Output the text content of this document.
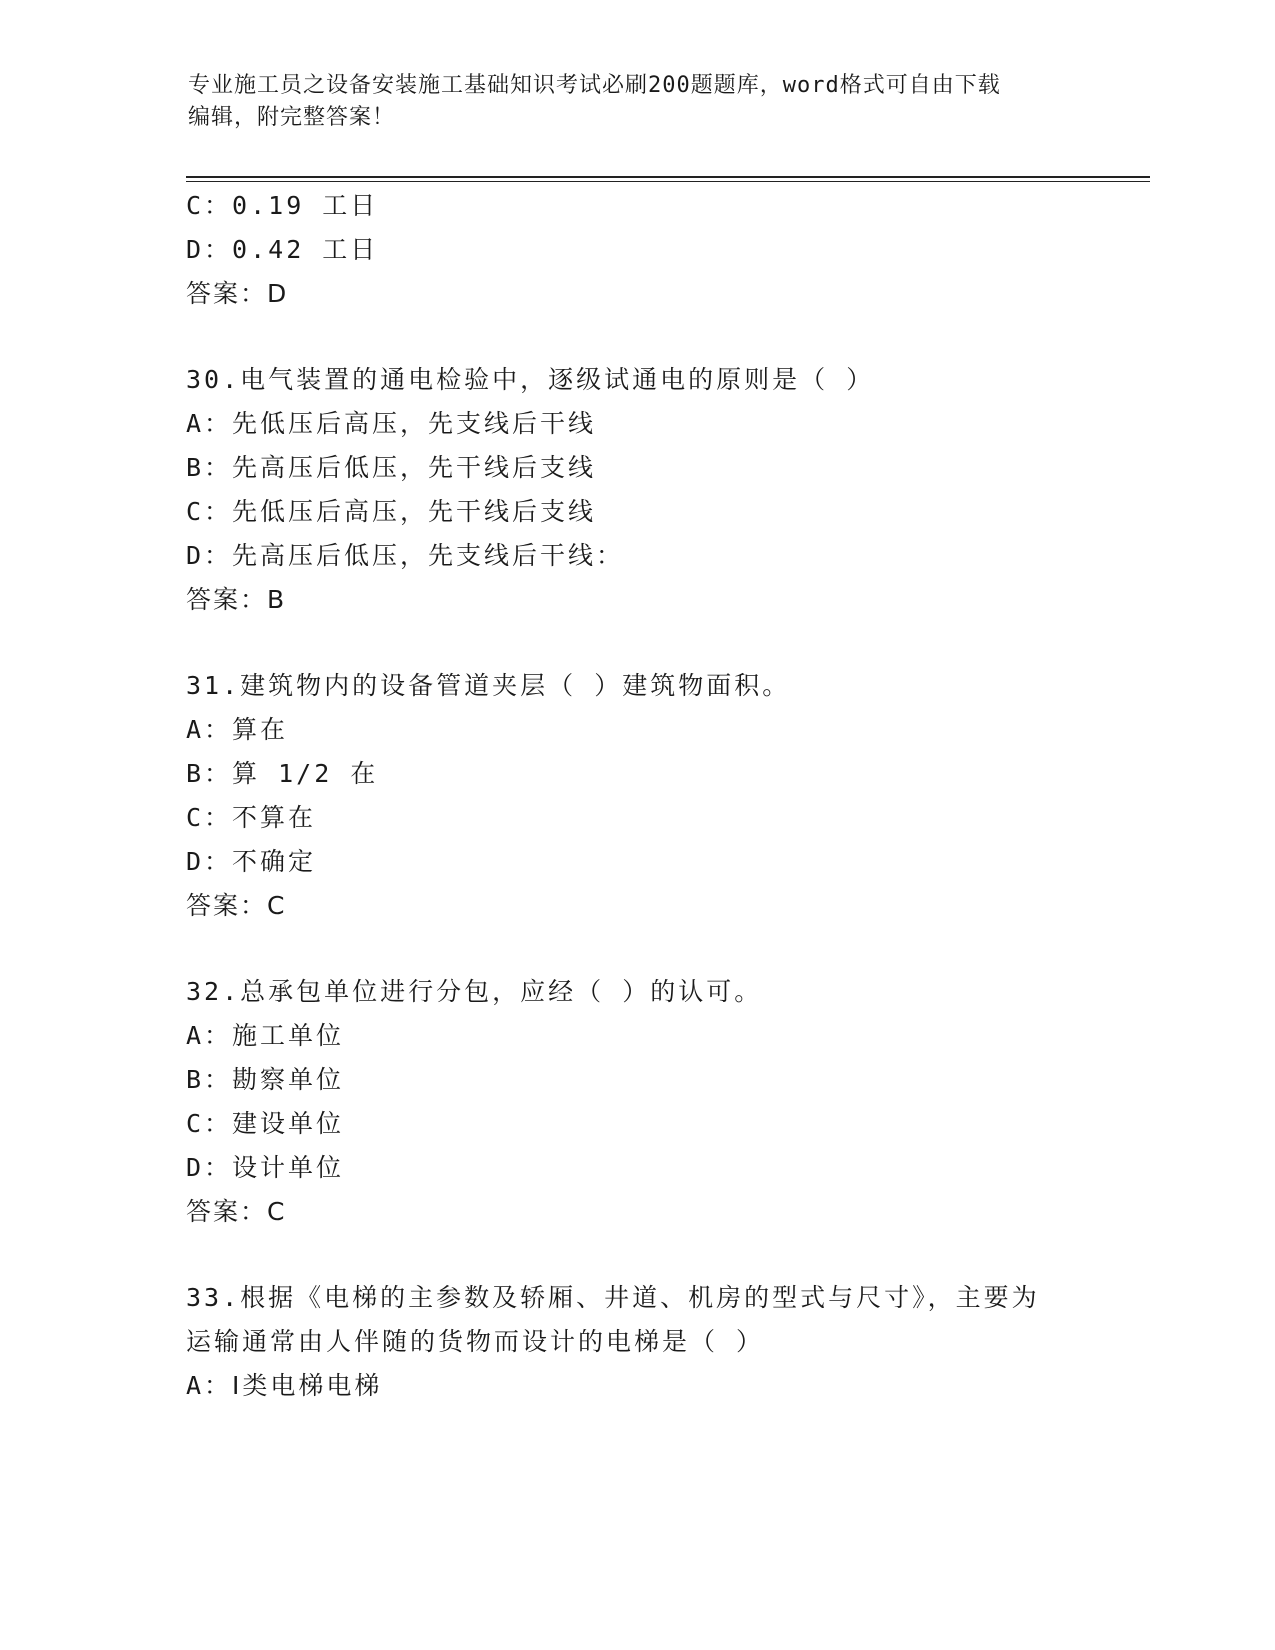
专业施工员之设备安装施工基础知识考试必刷200题题库，word格式可自由下载
编辑，附完整答案！
C：0.19 工日
D：0.42 工日
答案：D
30.电气装置的通电检验中，逐级试通电的原则是（ ）
A：先低压后高压，先支线后干线
B：先高压后低压，先干线后支线
C：先低压后高压，先干线后支线
D：先高压后低压，先支线后干线：
答案：B
31.建筑物内的设备管道夹层（ ）建筑物面积。
A：算在
B：算 1/2 在
C：不算在
D：不确定
答案：C
32.总承包单位进行分包，应经（ ）的认可。
A：施工单位
B：勘察单位
C：建设单位
D：设计单位
答案：C
33.根据《电梯的主参数及轿厢、井道、机房的型式与尺寸》，主要为
运输通常由人伴随的货物而设计的电梯是（ ）
A：Ⅰ类电梯电梯
